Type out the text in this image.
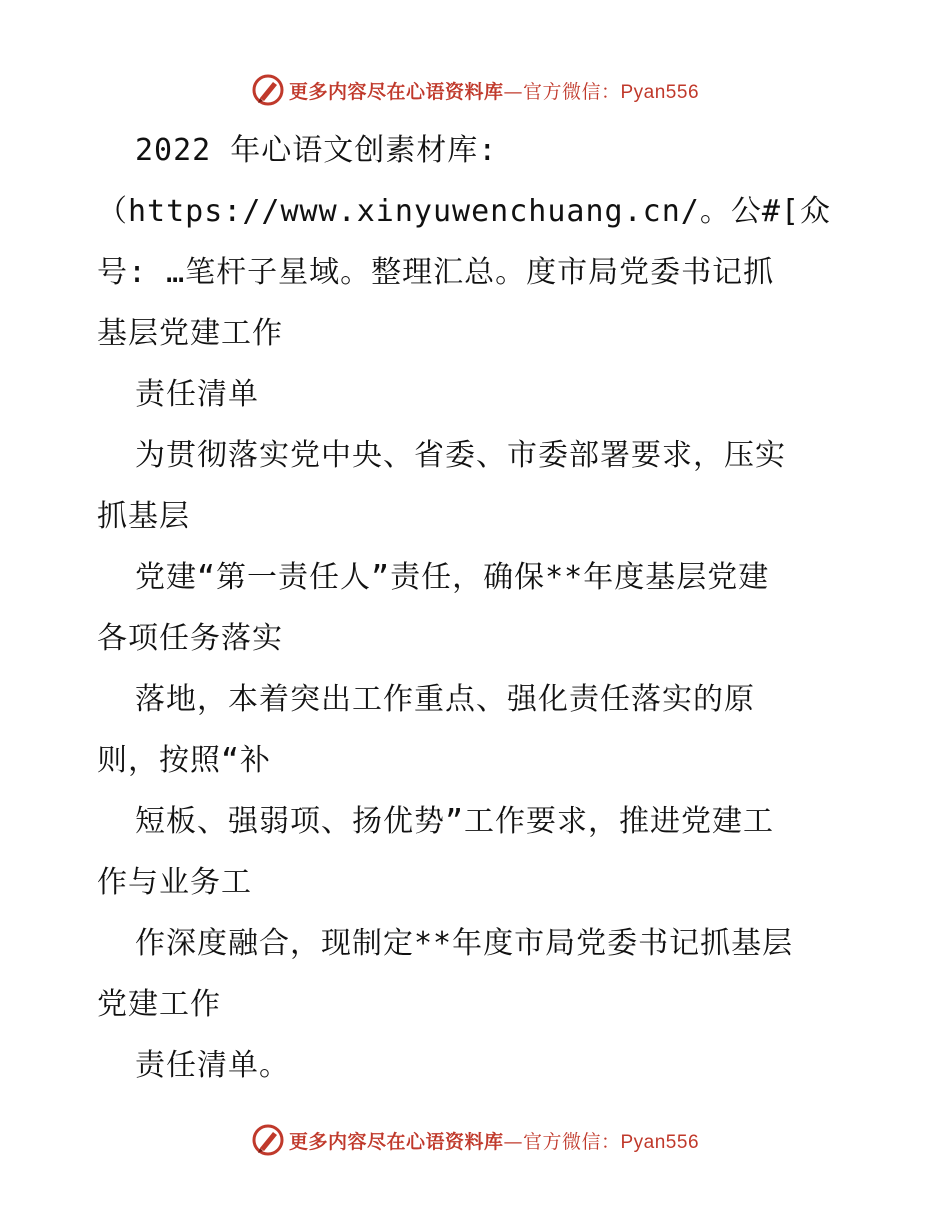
更多内容尽在心语资料库—官方微信：Pyan556
2022 年心语文创素材库:
（https://www.xinyuwenchuang.cn/。公#[众
号: …笔杆子星域。整理汇总。度市局党委书记抓
基层党建工作
责任清单
为贯彻落实党中央、省委、市委部署要求，压实
抓基层
党建“第一责任人”责任，确保**年度基层党建
各项任务落实
落地，本着突出工作重点、强化责任落实的原
则，按照“补
短板、强弱项、扬优势”工作要求，推进党建工
作与业务工
作深度融合，现制定**年度市局党委书记抓基层
党建工作
责任清单。
更多内容尽在心语资料库—官方微信：Pyan556
